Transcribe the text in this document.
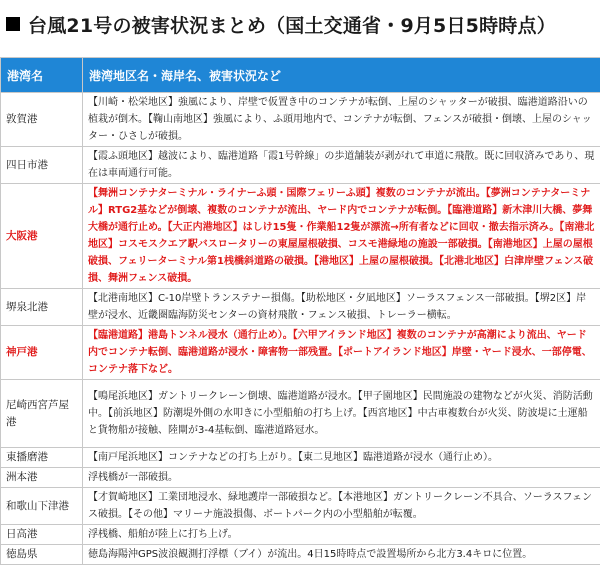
台風21号の被害状況まとめ（国土交通省・9月5日5時時点）
港湾名	港湾地区名・海岸名、被害状況など
敦賀港	【川崎・松栄地区】強風により、岸壁で仮置き中のコンテナが転倒、上屋のシャッターが破損、臨港道路沿いの植栽が倒木。【鞠山南地区】強風により、ふ頭用地内で、コンテナが転倒、フェンスが破損・倒壊、上屋のシャッター・ひさしが破損。
四日市港	【霞ふ頭地区】越波により、臨港道路「霞1号幹線」の歩道舗装が剥がれて車道に飛散。既に回収済みであり、現在は車両通行可能。
大阪港	【舞洲コンテナターミナル・ライナーふ頭・国際フェリーふ頭】複数のコンテナが流出。【夢洲コンテナターミナル】RTG2基などが倒壊、複数のコンテナが流出、ヤード内でコンテナが転倒。【臨港道路】新木津川大橋、夢舞大橋が通行止め。【大正内港地区】はしけ15隻・作業船12隻が漂流→所有者などに回収・撤去指示済み。【南港北地区】コスモスクエア駅バスロータリーの東屋屋根破損、コスモ港緑地の施設一部破損。【南港地区】上屋の屋根破損、フェリーターミナル第1桟橋斜道路の破損。【港地区】上屋の屋根破損。【北港北地区】白津岸壁フェンス破損、舞洲フェンス破損。
堺泉北港	【北港南地区】C-10岸壁トランステナー損傷。【助松地区・夕凪地区】ソーラスフェンス一部破損。【堺2区】岸壁が浸水、近畿圏臨海防災センターの資材飛散・フェンス破損、トレーラー横転。
神戸港	【臨港道路】港島トンネル浸水（通行止め）。【六甲アイランド地区】複数のコンテナが高潮により流出、ヤード内でコンテナ転倒、臨港道路が浸水・障害物一部残置。【ポートアイランド地区】岸壁・ヤード浸水、一部停電、コンテナ落下など。
尼崎西宮芦屋港	【鳴尾浜地区】ガントリークレーン倒壊、臨港道路が浸水。【甲子園地区】民間施設の建物などが火災、消防活動中。【前浜地区】防潮堤外側の水叩きに小型船舶の打ち上げ。【西宮地区】中古車複数台が火災、防波堤に土運船と貨物船が接触、陸閘が3-4基転倒、臨港道路冠水。
東播磨港	【南戸尾浜地区】コンテナなどの打ち上がり。【東二見地区】臨港道路が浸水（通行止め）。
洲本港	浮桟橋が一部破損。
和歌山下津港	【才賀崎地区】工業団地浸水、緑地護岸一部破損など。【本港地区】ガントリークレーン不具合、ソーラスフェンス破損。【その他】マリーナ施設損傷、ボートパーク内の小型船舶が転覆。
日高港	浮桟橋、船舶が陸上に打ち上げ。
徳島県	徳島海陽沖GPS波浪観測打浮標（ブイ）が流出。4日15時時点で設置場所から北方3.4キロに位置。
